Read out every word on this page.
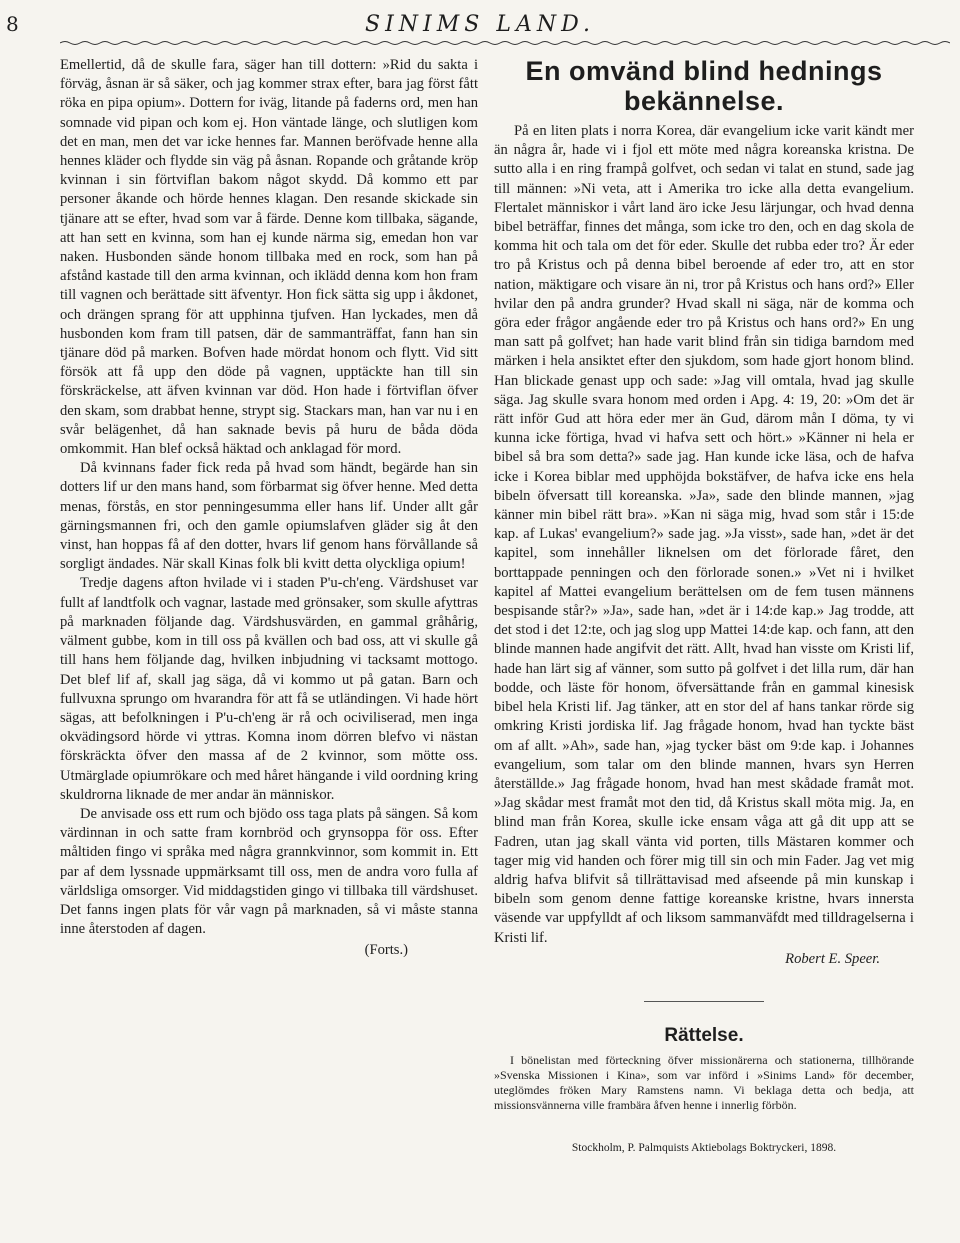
8	SINIMS LAND.

Emellertid, då de skulle fara, säger han till dottern: »Rid du sakta i förväg, åsnan är så säker, och jag kommer strax efter, bara jag först fått röka en pipa opium». Dottern for iväg, litande på faderns ord, men han somnade vid pipan och kom ej. Hon väntade länge, och slutligen kom det en man, men det var icke hennes far. Mannen beröfvade henne alla hennes kläder och flydde sin väg på åsnan. Ropande och gråtande kröp kvinnan i sin förtviflan bakom något skydd. Då kommo ett par personer åkande och hörde hennes klagan. Den resande skickade sin tjänare att se efter, hvad som var å färde. Denne kom tillbaka, sägande, att han sett en kvinna, som han ej kunde närma sig, emedan hon var naken. Husbonden sände honom tillbaka med en rock, som han på afstånd kastade till den arma kvinnan, och iklädd denna kom hon fram till vagnen och berättade sitt äfventyr. Hon fick sätta sig upp i åkdonet, och drängen sprang för att upphinna tjufven. Han lyckades, men då husbonden kom fram till patsen, där de sammanträffat, fann han sin tjänare död på marken. Bofven hade mördat honom och flytt. Vid sitt försök att få upp den döde på vagnen, upptäckte han till sin förskräckelse, att äfven kvinnan var död. Hon hade i förtviflan öfver den skam, som drabbat henne, strypt sig. Stackars man, han var nu i en svår belägenhet, då han saknade bevis på huru de båda dödа omkommit. Han blef också häktad och anklagad för mord.

Då kvinnans fader fick reda på hvad som händt, begärde han sin dotters lif ur den mans hand, som förbarmat sig öfver henne. Med detta menas, förstås, en stor penningesumma eller hans lif. Under allt går gärningsmannen fri, och den gamle opiumslafven gläder sig åt den vinst, han hoppas få af den dotter, hvars lif genom hans förvållande så sorgligt ändades. När skall Kinas folk bli kvitt detta olyckliga opium!

Tredje dagens afton hvilade vi i staden P'u-ch'eng. Värdshuset var fullt af landtfolk och vagnar, lastade med grönsaker, som skulle afyttras på marknaden följande dag. Värdshusvärden, en gammal gråhårig, välment gubbe, kom in till oss på kvällen och bad oss, att vi skulle gå till hans hem följande dag, hvilken inbjudning vi tacksamt mottogo. Det blef lif af, skall jag säga, då vi kommo ut på gatan. Barn och fullvuxna sprungo om hvarandra för att få se utländingen. Vi hade hört sägas, att befolkningen i P'u-ch'eng är rå och ociviliserad, men inga okvädingsord hörde vi yttras. Komna inom dörren blefvo vi nästan förskräckta öfver den massa af de 2 kvinnor, som mötte oss. Utmärglade opiumrökare och med håret hängande i vild oordning kring skuldrorna liknade de mer andar än människor.

De anvisade oss ett rum och bjödo oss taga plats på sängen. Så kom värdinnan in och satte fram kornbröd och grynsoppa för oss. Efter måltiden fingo vi språka med några grannkvinnor, som kommit in. Ett par af dem lyssnade uppmärksamt till oss, men de andra voro fulla af världsliga omsorger. Vid middagstiden gingo vi tillbaka till värdshuset. Det fanns ingen plats för vår vagn på marknaden, så vi måste stanna inne återstoden af dagen.

(Forts.)
En omvänd blind hednings bekännelse.

På en liten plats i norra Korea, där evangelium icke varit kändt mer än några år, hade vi i fjol ett möte med några koreanska kristna. De sutto alla i en ring frampå golfvet, och sedan vi talat en stund, sade jag till männen: »Ni veta, att i Amerika tro icke alla detta evangelium. Flertalet människor i vårt land äro icke Jesu lärjungar, och hvad denna bibel beträffar, finnes det många, som icke tro den, och en dag skola de komma hit och tala om det för eder. Skulle det rubba eder tro? Är eder tro på Kristus och på denna bibel beroende af eder tro, att en stor nation, mäktigare och visare än ni, tror på Kristus och hans ord?» Eller hvilar den på andra grunder? Hvad skall ni säga, när de komma och göra eder frågor angående eder tro på Kristus och hans ord?» En ung man satt på golfvet; han hade varit blind från sin tidiga barndom med märken i hela ansiktet efter den sjukdom, som hade gjort honom blind. Han blickade genast upp och sade: »Jag vill omtala, hvad jag skulle säga. Jag skulle svara honom med orden i Apg. 4: 19, 20: »Om det är rätt inför Gud att höra eder mer än Gud, därom mån I döma, ty vi kunna icke förtiga, hvad vi hafva sett och hört.» »Känner ni hela er bibel så bra som detta?» sade jag. Han kunde icke läsa, och de hafva icke i Korea biblar med upphöjda bokstäfver, de hafva icke ens hela bibeln öfversatt till koreanska. »Ja», sade den blinde mannen, »jag känner min bibel rätt bra». »Kan ni säga mig, hvad som står i 15:de kap. af Lukas' evangelium?» sade jag. »Ja visst», sade han, »det är det kapitel, som innehåller liknelsen om det förlorade fåret, den borttappade penningen och den förlorade sonen.» »Vet ni i hvilket kapitel af Mattei evangelium berättelsen om de fem tusen männens bespisande står?» »Ja», sade han, »det är i 14:de kap.» Jag trodde, att det stod i det 12:te, och jag slog upp Mattei 14:de kap. och fann, att den blinde mannen hade angifvit det rätt. Allt, hvad han visste om Kristi lif, hade han lärt sig af vänner, som sutto på golfvet i det lilla rum, där han bodde, och läste för honom, öfversättande från en gammal kinesisk bibel hela Kristi lif. Jag tänker, att en stor del af hans tankar rörde sig omkring Kristi jordiska lif. Jag frågade honom, hvad han tyckte bäst om af allt. »Ah», sade han, »jag tycker bäst om 9:de kap. i Johannes evangelium, som talar om den blinde mannen, hvars syn Herren återställde.» Jag frågade honom, hvad han mest skådade framåt mot. »Jag skådar mest framåt mot den tid, då Kristus skall möta mig. Ja, en blind man från Korea, skulle icke ensam våga att gå dit upp att se Fadren, utan jag skall vänta vid porten, tills Mästaren kommer och tager mig vid handen och förer mig till sin och min Fader. Jag vet mig aldrig hafva blifvit så tillrättavisad med afseende på min kunskap i bibeln som genom denne fattige koreanske kristne, hvars innersta väsende var uppfylldt af och liksom sammanväfdt med tilldragelserna i Kristi lif.

Robert E. Speer.
Rättelse.

I bönelistan med förteckning öfver missionärerna och stationerna, tillhörande »Svenska Missionen i Kina», som var införd i »Sinims Land» för december, uteglömdes fröken Mary Ramstens namn. Vi beklaga detta och bedja, att missionsvännerna ville frambära åfven henne i innerlig förbön.

Stockholm, P. Palmquists Aktiebolags Boktryckeri, 1898.
